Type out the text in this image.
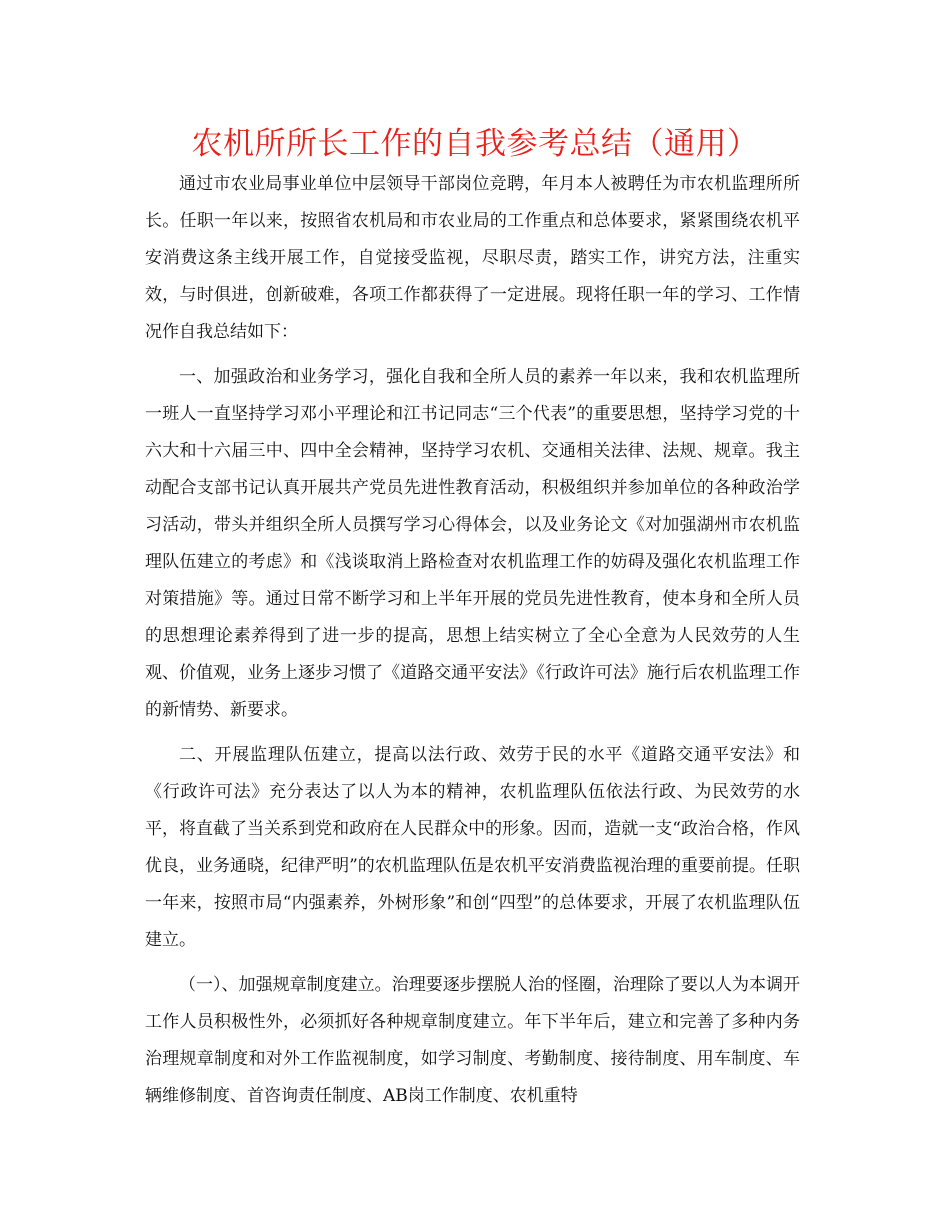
农机所所长工作的自我参考总结（通用）

通过市农业局事业单位中层领导干部岗位竞聘，年月本人被聘任为市农机监理所所长。任职一年以来，按照省农机局和市农业局的工作重点和总体要求，紧紧围绕农机平安消费这条主线开展工作，自觉接受监视，尽职尽责，踏实工作，讲究方法，注重实效，与时俱进，创新破难，各项工作都获得了一定进展。现将任职一年的学习、工作情况作自我总结如下：

一、加强政治和业务学习，强化自我和全所人员的素养一年以来，我和农机监理所一班人一直坚持学习邓小平理论和江书记同志“三个代表”的重要思想，坚持学习党的十六大和十六届三中、四中全会精神，坚持学习农机、交通相关法律、法规、规章。我主动配合支部书记认真开展共产党员先进性教育活动，积极组织并参加单位的各种政治学习活动，带头并组织全所人员撰写学习心得体会，以及业务论文《对加强湖州市农机监理队伍建立的考虑》和《浅谈取消上路检查对农机监理工作的妨碍及强化农机监理工作对策措施》等。通过日常不断学习和上半年开展的党员先进性教育，使本身和全所人员的思想理论素养得到了进一步的提高，思想上结实树立了全心全意为人民效劳的人生观、价值观，业务上逐步习惯了《道路交通平安法》《行政许可法》施行后农机监理工作的新情势、新要求。

二、开展监理队伍建立，提高以法行政、效劳于民的水平《道路交通平安法》和《行政许可法》充分表达了以人为本的精神，农机监理队伍依法行政、为民效劳的水平，将直截了当关系到党和政府在人民群众中的形象。因而，造就一支“政治合格，作风优良，业务通晓，纪律严明”的农机监理队伍是农机平安消费监视治理的重要前提。任职一年来，按照市局“内强素养，外树形象”和创“四型”的总体要求，开展了农机监理队伍建立。

（一）、加强规章制度建立。治理要逐步摆脱人治的怪圈，治理除了要以人为本调开工作人员积极性外，必须抓好各种规章制度建立。年下半年后，建立和完善了多种内务治理规章制度和对外工作监视制度，如学习制度、考勤制度、接待制度、用车制度、车辆维修制度、首咨询责任制度、AB岗工作制度、农机重特
